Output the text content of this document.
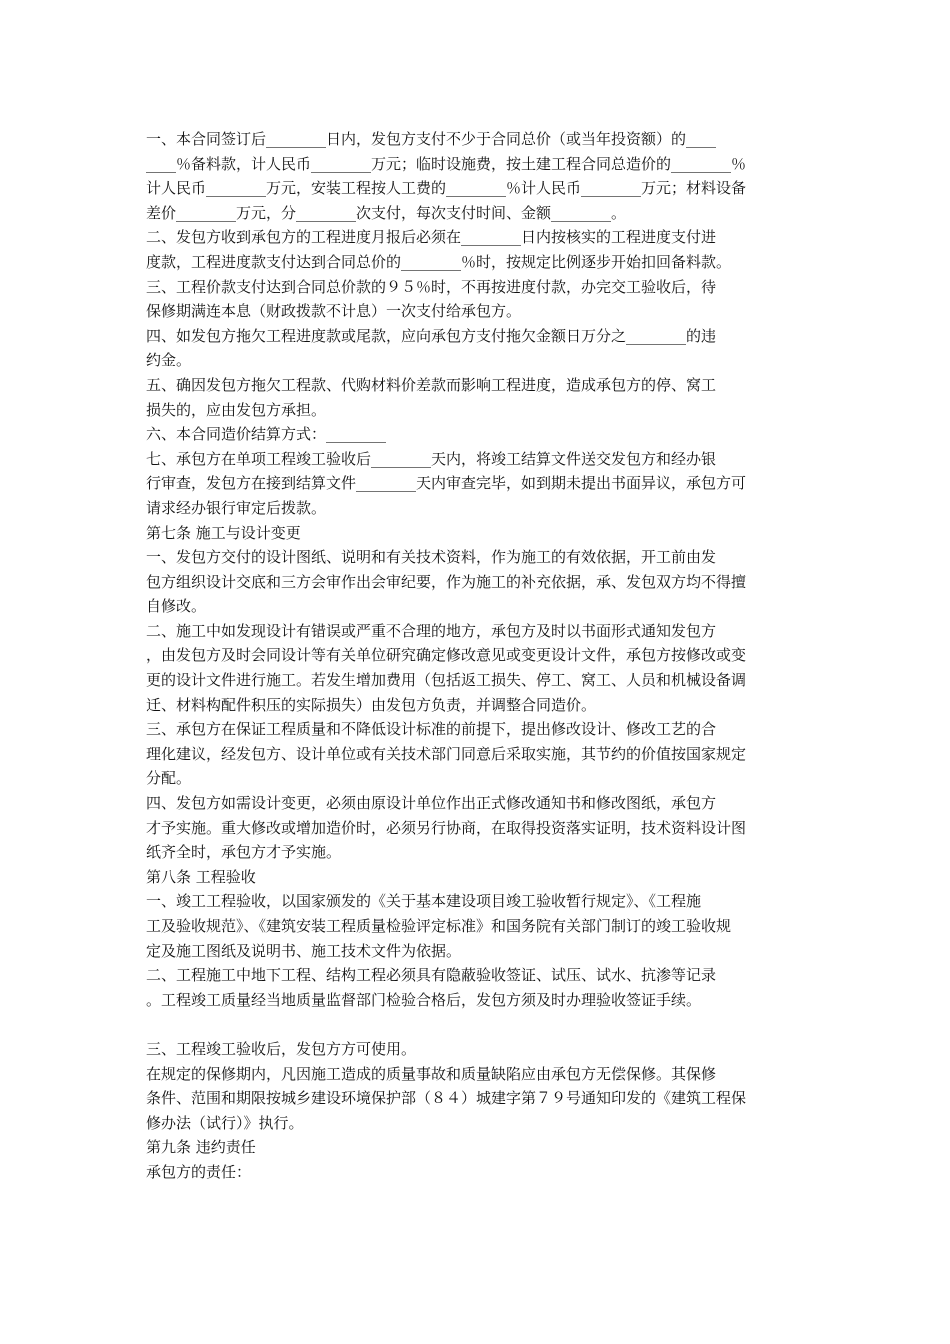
一、本合同签订后________日内，发包方支付不少于合同总价（或当年投资额）的____
____％备料款，计人民币________万元；临时设施费，按土建工程合同总造价的________％
计人民币________万元，安装工程按人工费的________％计人民币________万元；材料设备
差价________万元，分________次支付，每次支付时间、金额________。
二、发包方收到承包方的工程进度月报后必须在________日内按核实的工程进度支付进
度款，工程进度款支付达到合同总价的________％时，按规定比例逐步开始扣回备料款。
三、工程价款支付达到合同总价款的９５％时，不再按进度付款，办完交工验收后，待
保修期满连本息（财政拨款不计息）一次支付给承包方。
四、如发包方拖欠工程进度款或尾款，应向承包方支付拖欠金额日万分之________的违
约金。
五、确因发包方拖欠工程款、代购材料价差款而影响工程进度，造成承包方的停、窝工
损失的，应由发包方承担。
六、本合同造价结算方式：________
七、承包方在单项工程竣工验收后________天内，将竣工结算文件送交发包方和经办银
行审查，发包方在接到结算文件________天内审查完毕，如到期未提出书面异议，承包方可
请求经办银行审定后拨款。
第七条 施工与设计变更
一、发包方交付的设计图纸、说明和有关技术资料，作为施工的有效依据，开工前由发
包方组织设计交底和三方会审作出会审纪要，作为施工的补充依据，承、发包双方均不得擅
自修改。
二、施工中如发现设计有错误或严重不合理的地方，承包方及时以书面形式通知发包方
，由发包方及时会同设计等有关单位研究确定修改意见或变更设计文件，承包方按修改或变
更的设计文件进行施工。若发生增加费用（包括返工损失、停工、窝工、人员和机械设备调
迁、材料构配件积压的实际损失）由发包方负责，并调整合同造价。
三、承包方在保证工程质量和不降低设计标准的前提下，提出修改设计、修改工艺的合
理化建议，经发包方、设计单位或有关技术部门同意后采取实施，其节约的价值按国家规定
分配。
四、发包方如需设计变更，必须由原设计单位作出正式修改通知书和修改图纸，承包方
才予实施。重大修改或增加造价时，必须另行协商，在取得投资落实证明，技术资料设计图
纸齐全时，承包方才予实施。
第八条 工程验收
一、竣工工程验收，以国家颁发的《关于基本建设项目竣工验收暂行规定》、《工程施
工及验收规范》、《建筑安装工程质量检验评定标准》和国务院有关部门制订的竣工验收规
定及施工图纸及说明书、施工技术文件为依据。
二、工程施工中地下工程、结构工程必须具有隐蔽验收签证、试压、试水、抗渗等记录
。工程竣工质量经当地质量监督部门检验合格后，发包方须及时办理验收签证手续。
三、工程竣工验收后，发包方方可使用。
在规定的保修期内，凡因施工造成的质量事故和质量缺陷应由承包方无偿保修。其保修
条件、范围和期限按城乡建设环境保护部（８４）城建字第７９号通知印发的《建筑工程保
修办法（试行）》执行。
第九条 违约责任
承包方的责任：
